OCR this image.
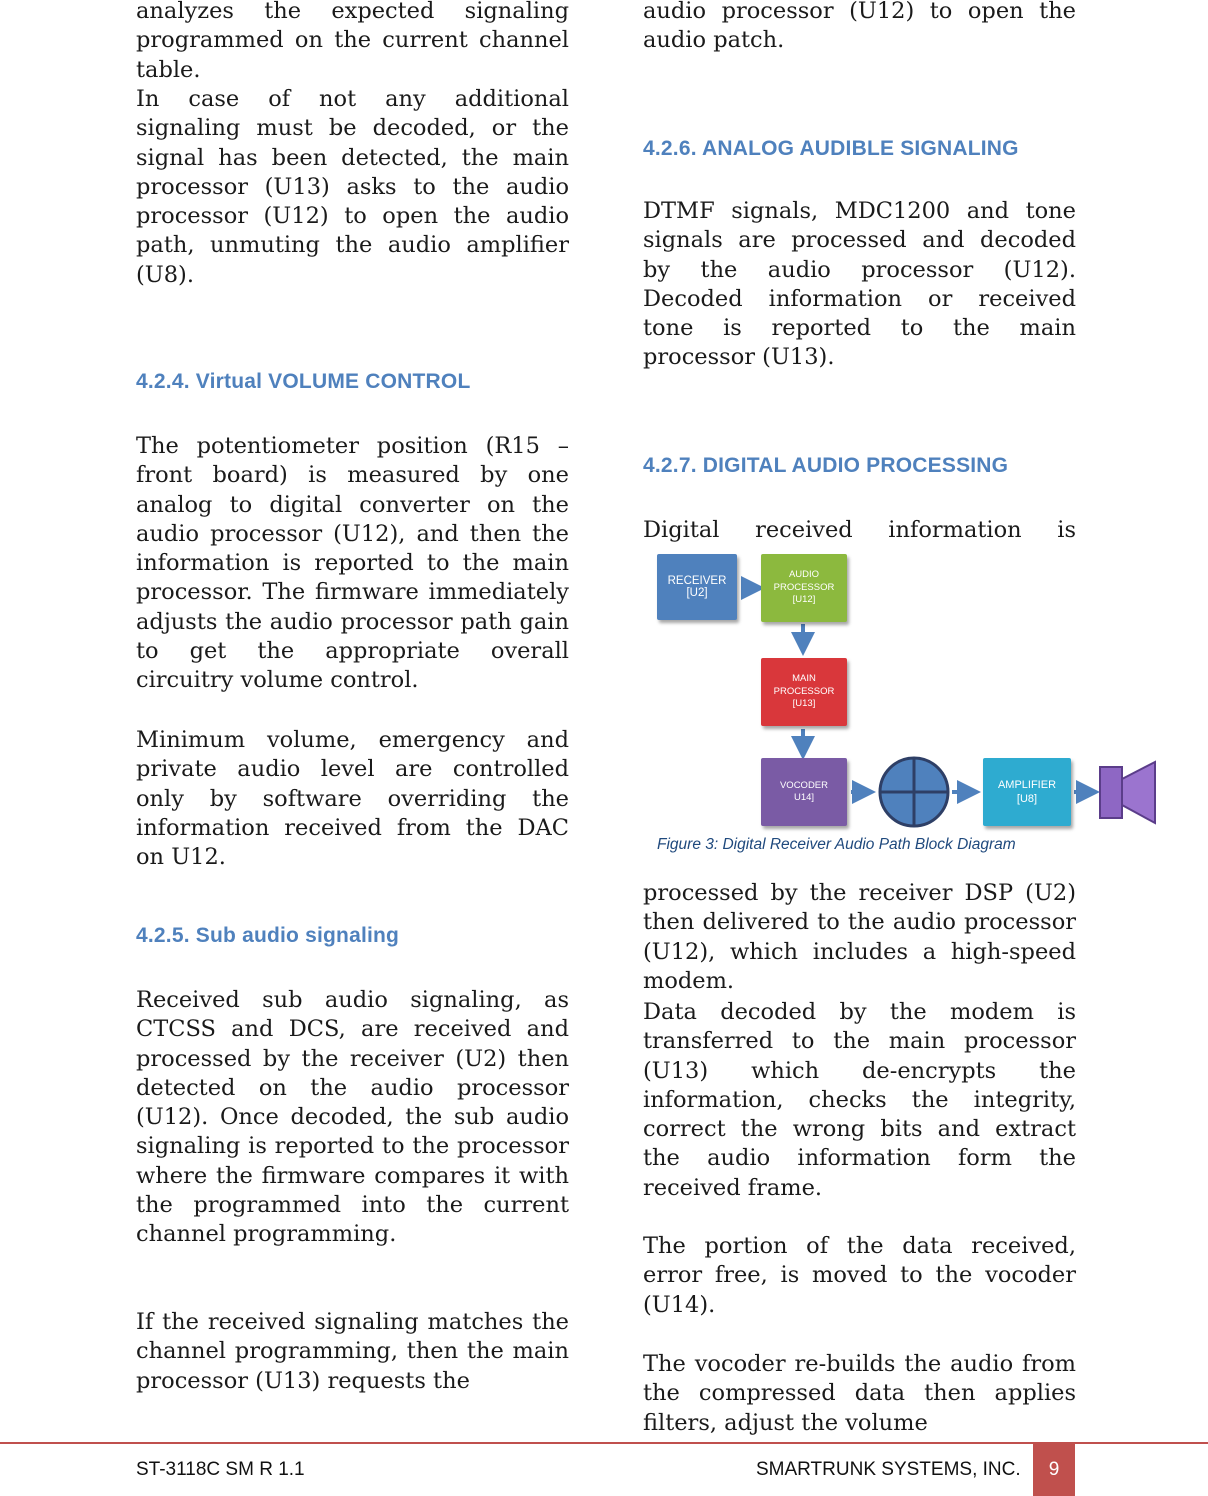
analyzes the expected signaling programmed on the current channel table.

In case of not any additional signaling must be decoded, or the signal has been detected, the main processor (U13) asks to the audio processor (U12) to open the audio path, unmuting the audio amplifier (U8).

4.2.4. Virtual VOLUME CONTROL

The potentiometer position (R15 – front board) is measured by one analog to digital converter on the audio processor (U12), and then the information is reported to the main processor. The firmware immediately adjusts the audio processor path gain to get the appropriate overall circuitry volume control.

Minimum volume, emergency and private audio level are controlled only by software overriding the information received from the DAC on U12.

4.2.5. Sub audio signaling

Received sub audio signaling, as CTCSS and DCS, are received and processed by the receiver (U2) then detected on the audio processor (U12). Once decoded, the sub audio signaling is reported to the processor where the firmware compares it with the programmed into the current channel programming.

If the received signaling matches the channel programming, then the main processor (U13) requests the

audio processor (U12) to open the audio patch.

4.2.6. ANALOG AUDIBLE SIGNALING

DTMF signals, MDC1200 and tone signals are processed and decoded by the audio processor (U12). Decoded information or received tone is reported to the main processor (U13).

4.2.7. DIGITAL AUDIO PROCESSING

Digital received information is

processed by the receiver DSP (U2) then delivered to the audio processor (U12), which includes a high-speed modem.

Data decoded by the modem is transferred to the main processor (U13) which de-encrypts the information, checks the integrity, correct the wrong bits and extract the audio information form the received frame.

The portion of the data received, error free, is moved to the vocoder (U14).

The vocoder re-builds the audio from the compressed data then applies filters, adjust the volume

RECEIVER
[U2]
AUDIO
PROCESSOR
[U12]
MAIN
PROCESSOR
[U13]
VOCODER
U14]
AMPLIFIER
[U8]
Figure 3: Digital Receiver Audio Path Block Diagram
ST-3118C SM R 1.1	SMARTRUNK SYSTEMS, INC.	9
